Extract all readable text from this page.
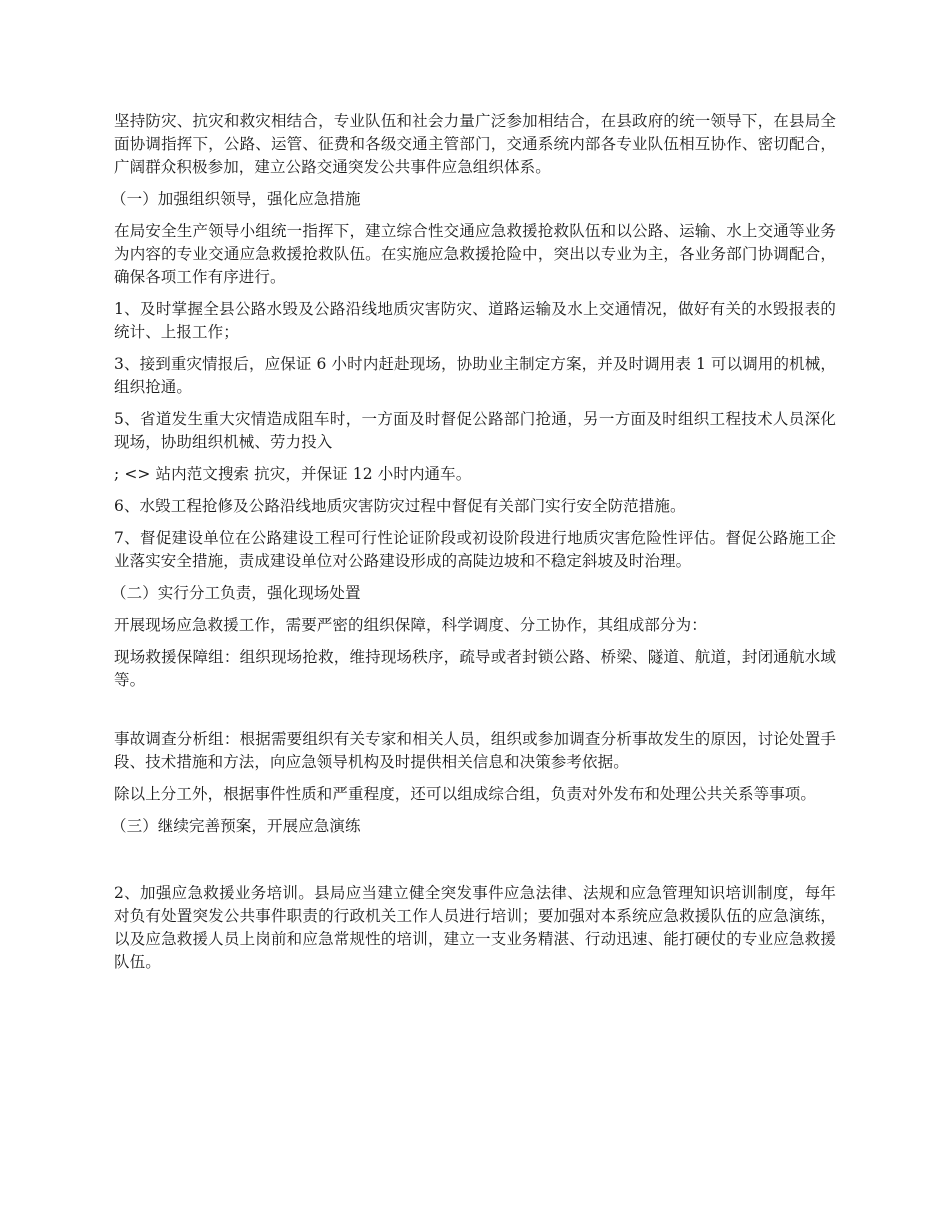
坚持防灾、抗灾和救灾相结合，专业队伍和社会力量广泛参加相结合，在县政府的统一领导下，在县局全面协调指挥下，公路、运管、征费和各级交通主管部门，交通系统内部各专业队伍相互协作、密切配合，广阔群众积极参加，建立公路交通突发公共事件应急组织体系。

（一）加强组织领导，强化应急措施

在局安全生产领导小组统一指挥下，建立综合性交通应急救援抢救队伍和以公路、运输、水上交通等业务为内容的专业交通应急救援抢救队伍。在实施应急救援抢险中，突出以专业为主，各业务部门协调配合，确保各项工作有序进行。

1、及时掌握全县公路水毁及公路沿线地质灾害防灾、道路运输及水上交通情况，做好有关的水毁报表的统计、上报工作；

3、接到重灾情报后，应保证 6 小时内赶赴现场，协助业主制定方案，并及时调用表 1 可以调用的机械，组织抢通。

5、省道发生重大灾情造成阻车时，一方面及时督促公路部门抢通，另一方面及时组织工程技术人员深化现场，协助组织机械、劳力投入

; <> 站内范文搜索 抗灾，并保证 12 小时内通车。

6、水毁工程抢修及公路沿线地质灾害防灾过程中督促有关部门实行安全防范措施。

7、督促建设单位在公路建设工程可行性论证阶段或初设阶段进行地质灾害危险性评估。督促公路施工企业落实安全措施，责成建设单位对公路建设形成的高陡边坡和不稳定斜坡及时治理。

（二）实行分工负责，强化现场处置

开展现场应急救援工作，需要严密的组织保障，科学调度、分工协作，其组成部分为：

现场救援保障组：组织现场抢救，维持现场秩序，疏导或者封锁公路、桥梁、隧道、航道，封闭通航水域等。

事故调查分析组：根据需要组织有关专家和相关人员，组织或参加调查分析事故发生的原因，讨论处置手段、技术措施和方法，向应急领导机构及时提供相关信息和决策参考依据。

除以上分工外，根据事件性质和严重程度，还可以组成综合组，负责对外发布和处理公共关系等事项。

（三）继续完善预案，开展应急演练

2、加强应急救援业务培训。县局应当建立健全突发事件应急法律、法规和应急管理知识培训制度，每年对负有处置突发公共事件职责的行政机关工作人员进行培训；要加强对本系统应急救援队伍的应急演练，以及应急救援人员上岗前和应急常规性的培训，建立一支业务精湛、行动迅速、能打硬仗的专业应急救援队伍。
